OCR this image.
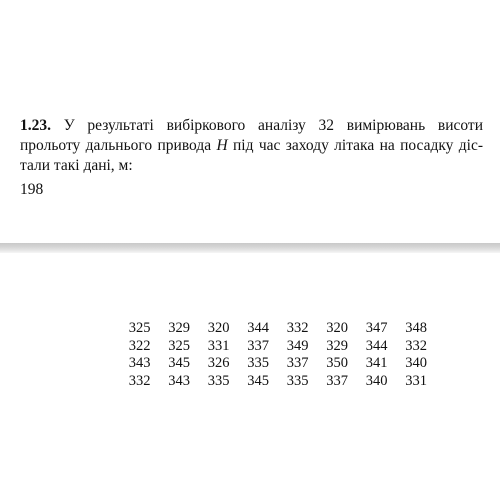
1.23. У результаті вибіркового аналізу 32 вимірювань висоти
прольоту дальнього привода H під час заходу літака на посадку діс-
тали такі дані, м:
198
325	329	320	344	332	320	347	348
322	325	331	337	349	329	344	332
343	345	326	335	337	350	341	340
332	343	335	345	335	337	340	331
